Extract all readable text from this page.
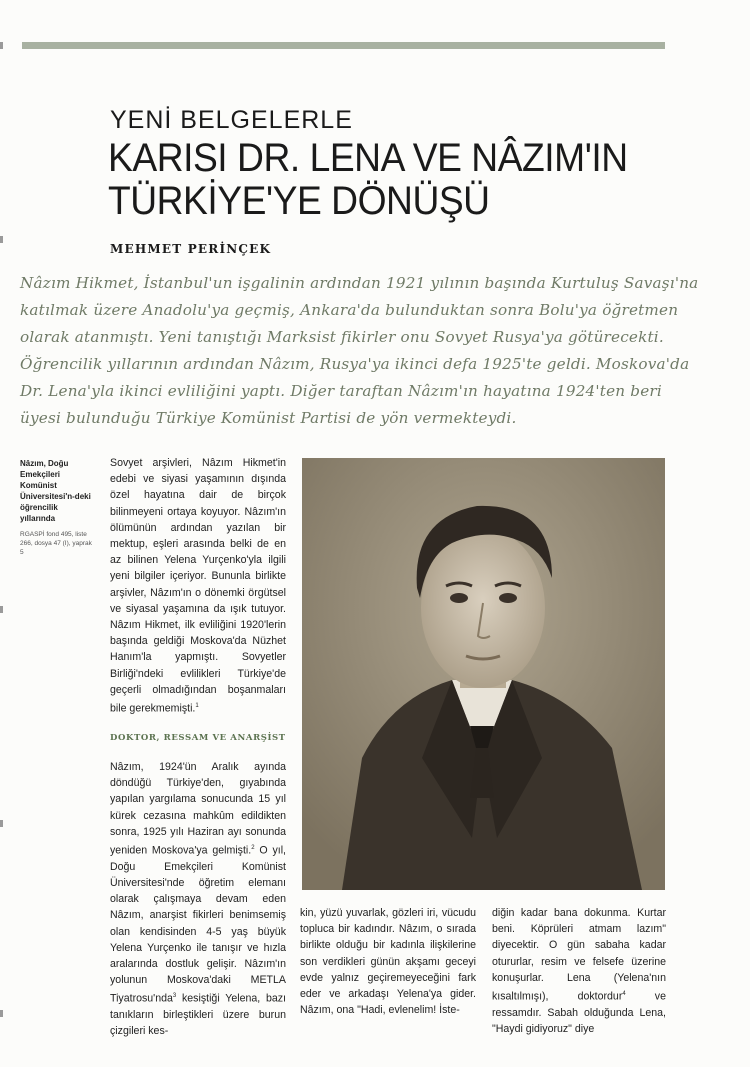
YENİ BELGELERLE
KARISI DR. LENA VE NÂZIM'IN
TÜRKİYE'YE DÖNÜŞÜ
MEHMET PERİNÇEK
Nâzım Hikmet, İstanbul'un işgalinin ardından 1921 yılının başında Kurtuluş Savaşı'na katılmak üzere Anadolu'ya geçmiş, Ankara'da bulunduktan sonra Bolu'ya öğretmen olarak atanmıştı. Yeni tanıştığı Marksist fikirler onu Sovyet Rusya'ya götürecekti. Öğrencilik yıllarının ardından Nâzım, Rusya'ya ikinci defa 1925'te geldi. Moskova'da Dr. Lena'yla ikinci evliliğini yaptı. Diğer taraftan Nâzım'ın hayatına 1924'ten beri üyesi bulunduğu Türkiye Komünist Partisi de yön vermekteydi.
Nâzım, Doğu Emekçileri Komünist Üniversitesi'n-deki öğrencilik yıllarında
RGASPİ fond 495, liste 266, dosya 47 (I), yaprak 5

Sovyet arşivleri, Nâzım Hikmet'in edebi ve siyasi yaşamının dışında özel hayatına dair de birçok bilinmeyeni ortaya koyuyor. Nâzım'ın ölümünün ardından yazılan bir mektup, eşleri arasında belki de en az bilinen Yelena Yurçenko'yla ilgili yeni bilgiler içeriyor. Bununla birlikte arşivler, Nâzım'ın o dönemki örgütsel ve siyasal yaşamına da ışık tutuyor. Nâzım Hikmet, ilk evliliğini 1920'lerin başında geldiği Moskova'da Nüzhet Hanım'la yapmıştı. Sovyetler Birliği'ndeki evlilikleri Türkiye'de geçerli olmadığından boşanmaları bile gerekmemişti.$^1$

DOKTOR, RESSAM VE ANARŞİST

Nâzım, 1924'ün Aralık ayında döndüğü Türkiye'den, gıyabında yapılan yargılama sonucunda 15 yıl kürek cezasına mahkûm edildikten sonra, 1925 yılı Haziran ayı sonunda yeniden Moskova'ya gelmişti.$^2$ O yıl, Doğu Emekçileri Komünist Üniversitesi'nde öğretim elemanı olarak çalışmaya devam eden Nâzım, anarşist fikirleri benimsemiş olan kendisinden 4-5 yaş büyük Yelena Yurçenko ile tanışır ve hızla aralarında dostluk gelişir. Nâzım'ın yolunun Moskova'daki METLA Tiyatrosu'nda$^3$ kesiştiği Yelena, bazı tanıkların birleştikleri üzere burun çizgileri kes-

kin, yüzü yuvarlak, gözleri iri, vücudu topluca bir kadındır. Nâzım, o sırada birlikte olduğu bir kadınla ilişkilerine son verdikleri günün akşamı geceyi evde yalnız geçiremeyeceğini fark eder ve arkadaşı Yelena'ya gider. Nâzım, ona "Hadi, evlenelim! İste-

diğin kadar bana dokunma. Kurtar beni. Köprüleri atmam lazım" diyecektir. O gün sabaha kadar otururlar, resim ve felsefe üzerine konuşurlar. Lena (Yelena'nın kısaltılmışı), doktordur$^4$ ve ressamdır. Sabah olduğunda Lena, "Haydi gidiyoruz" diye
